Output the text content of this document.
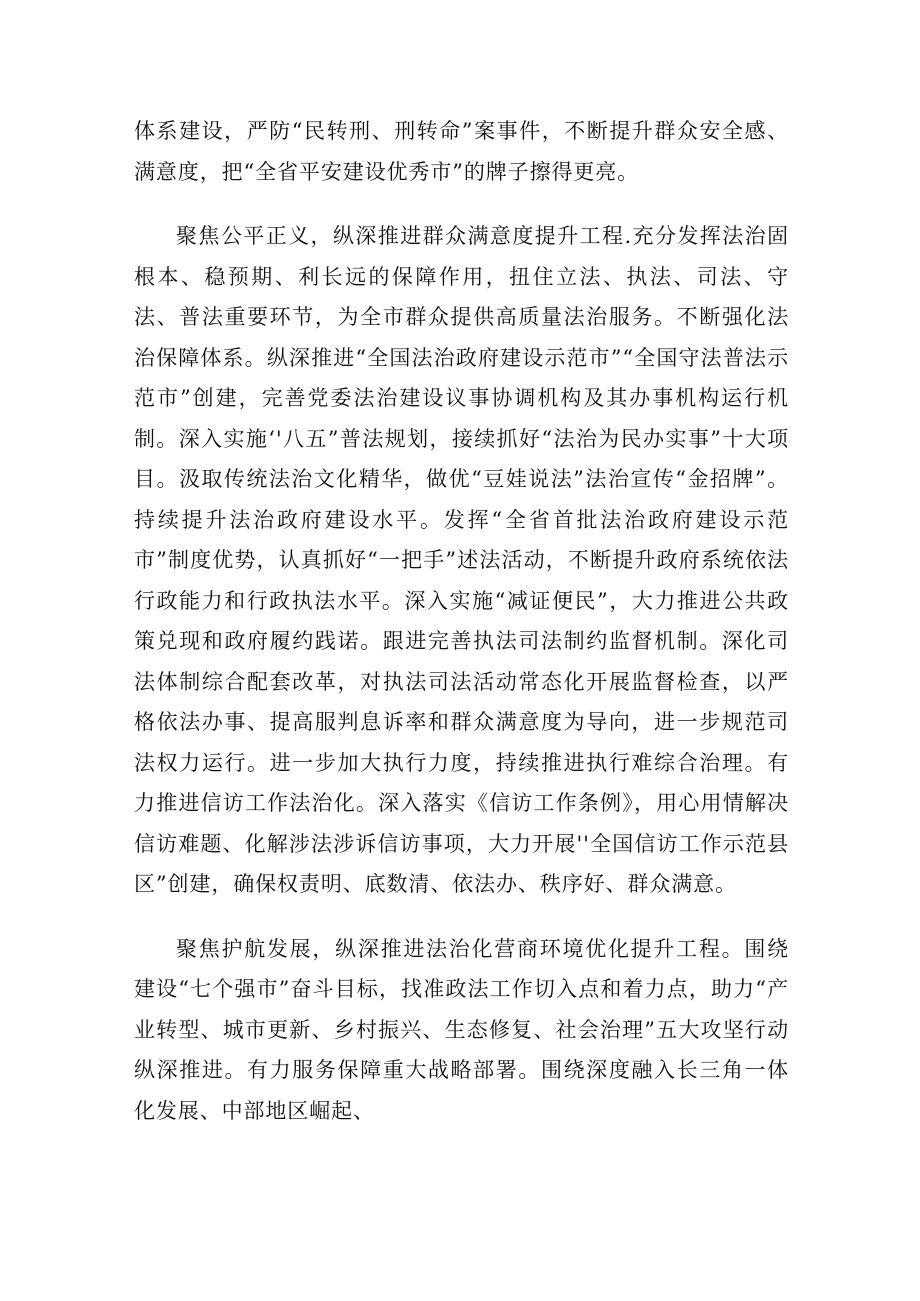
体系建设，严防“民转刑、刑转命”案事件，不断提升群众安全感、满意度，把“全省平安建设优秀市”的牌子擦得更亮。

聚焦公平正义，纵深推进群众满意度提升工程.充分发挥法治固根本、稳预期、利长远的保障作用，扭住立法、执法、司法、守法、普法重要环节，为全市群众提供高质量法治服务。不断强化法治保障体系。纵深推进“全国法治政府建设示范市”“全国守法普法示范市”创建，完善党委法治建设议事协调机构及其办事机构运行机制。深入实施‘'八五”普法规划，接续抓好“法治为民办实事”十大项目。汲取传统法治文化精华，做优“豆娃说法”法治宣传“金招牌”。持续提升法治政府建设水平。发挥“全省首批法治政府建设示范市”制度优势，认真抓好“一把手”述法活动，不断提升政府系统依法行政能力和行政执法水平。深入实施“减证便民”，大力推进公共政策兑现和政府履约践诺。跟进完善执法司法制约监督机制。深化司法体制综合配套改革，对执法司法活动常态化开展监督检查，以严格依法办事、提高服判息诉率和群众满意度为导向，进一步规范司法权力运行。进一步加大执行力度，持续推进执行难综合治理。有力推进信访工作法治化。深入落实《信访工作条例》，用心用情解决信访难题、化解涉法涉诉信访事项，大力开展''全国信访工作示范县区”创建，确保权责明、底数清、依法办、秩序好、群众满意。

聚焦护航发展，纵深推进法治化营商环境优化提升工程。围绕建设“七个强市”奋斗目标，找准政法工作切入点和着力点，助力“产业转型、城市更新、乡村振兴、生态修复、社会治理”五大攻坚行动纵深推进。有力服务保障重大战略部署。围绕深度融入长三角一体化发展、中部地区崛起、
